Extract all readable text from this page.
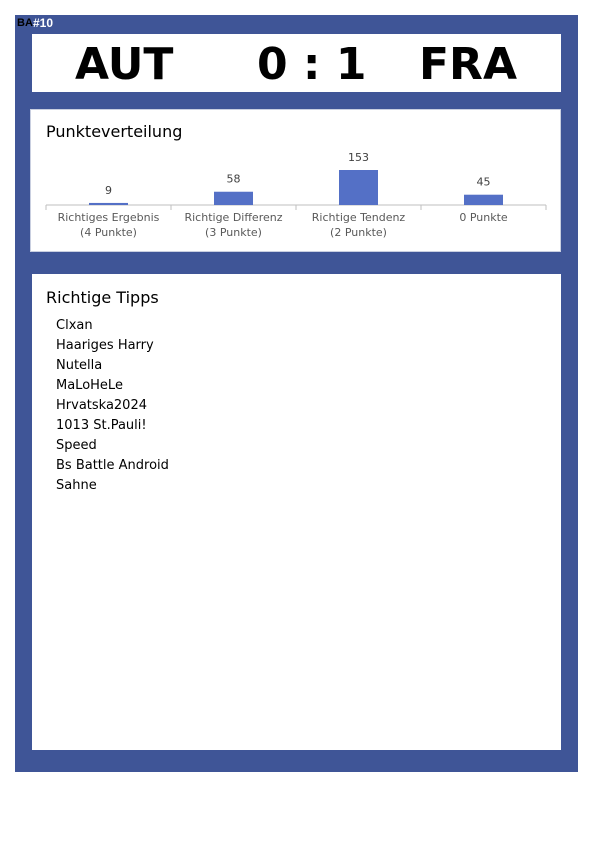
BA #10
AUT 0 : 1 FRA
Punkteverteilung
9
Richtiges Ergebnis
(4 Punkte)
58
Richtige Differenz
(3 Punkte)
153
Richtige Tendenz
(2 Punkte)
45
0 Punkte
Richtige Tipps
Clxan
Haariges Harry
Nutella
MaLoHeLe
Hrvatska2024
1013 St.Pauli!
Speed
Bs Battle Android
Sahne
